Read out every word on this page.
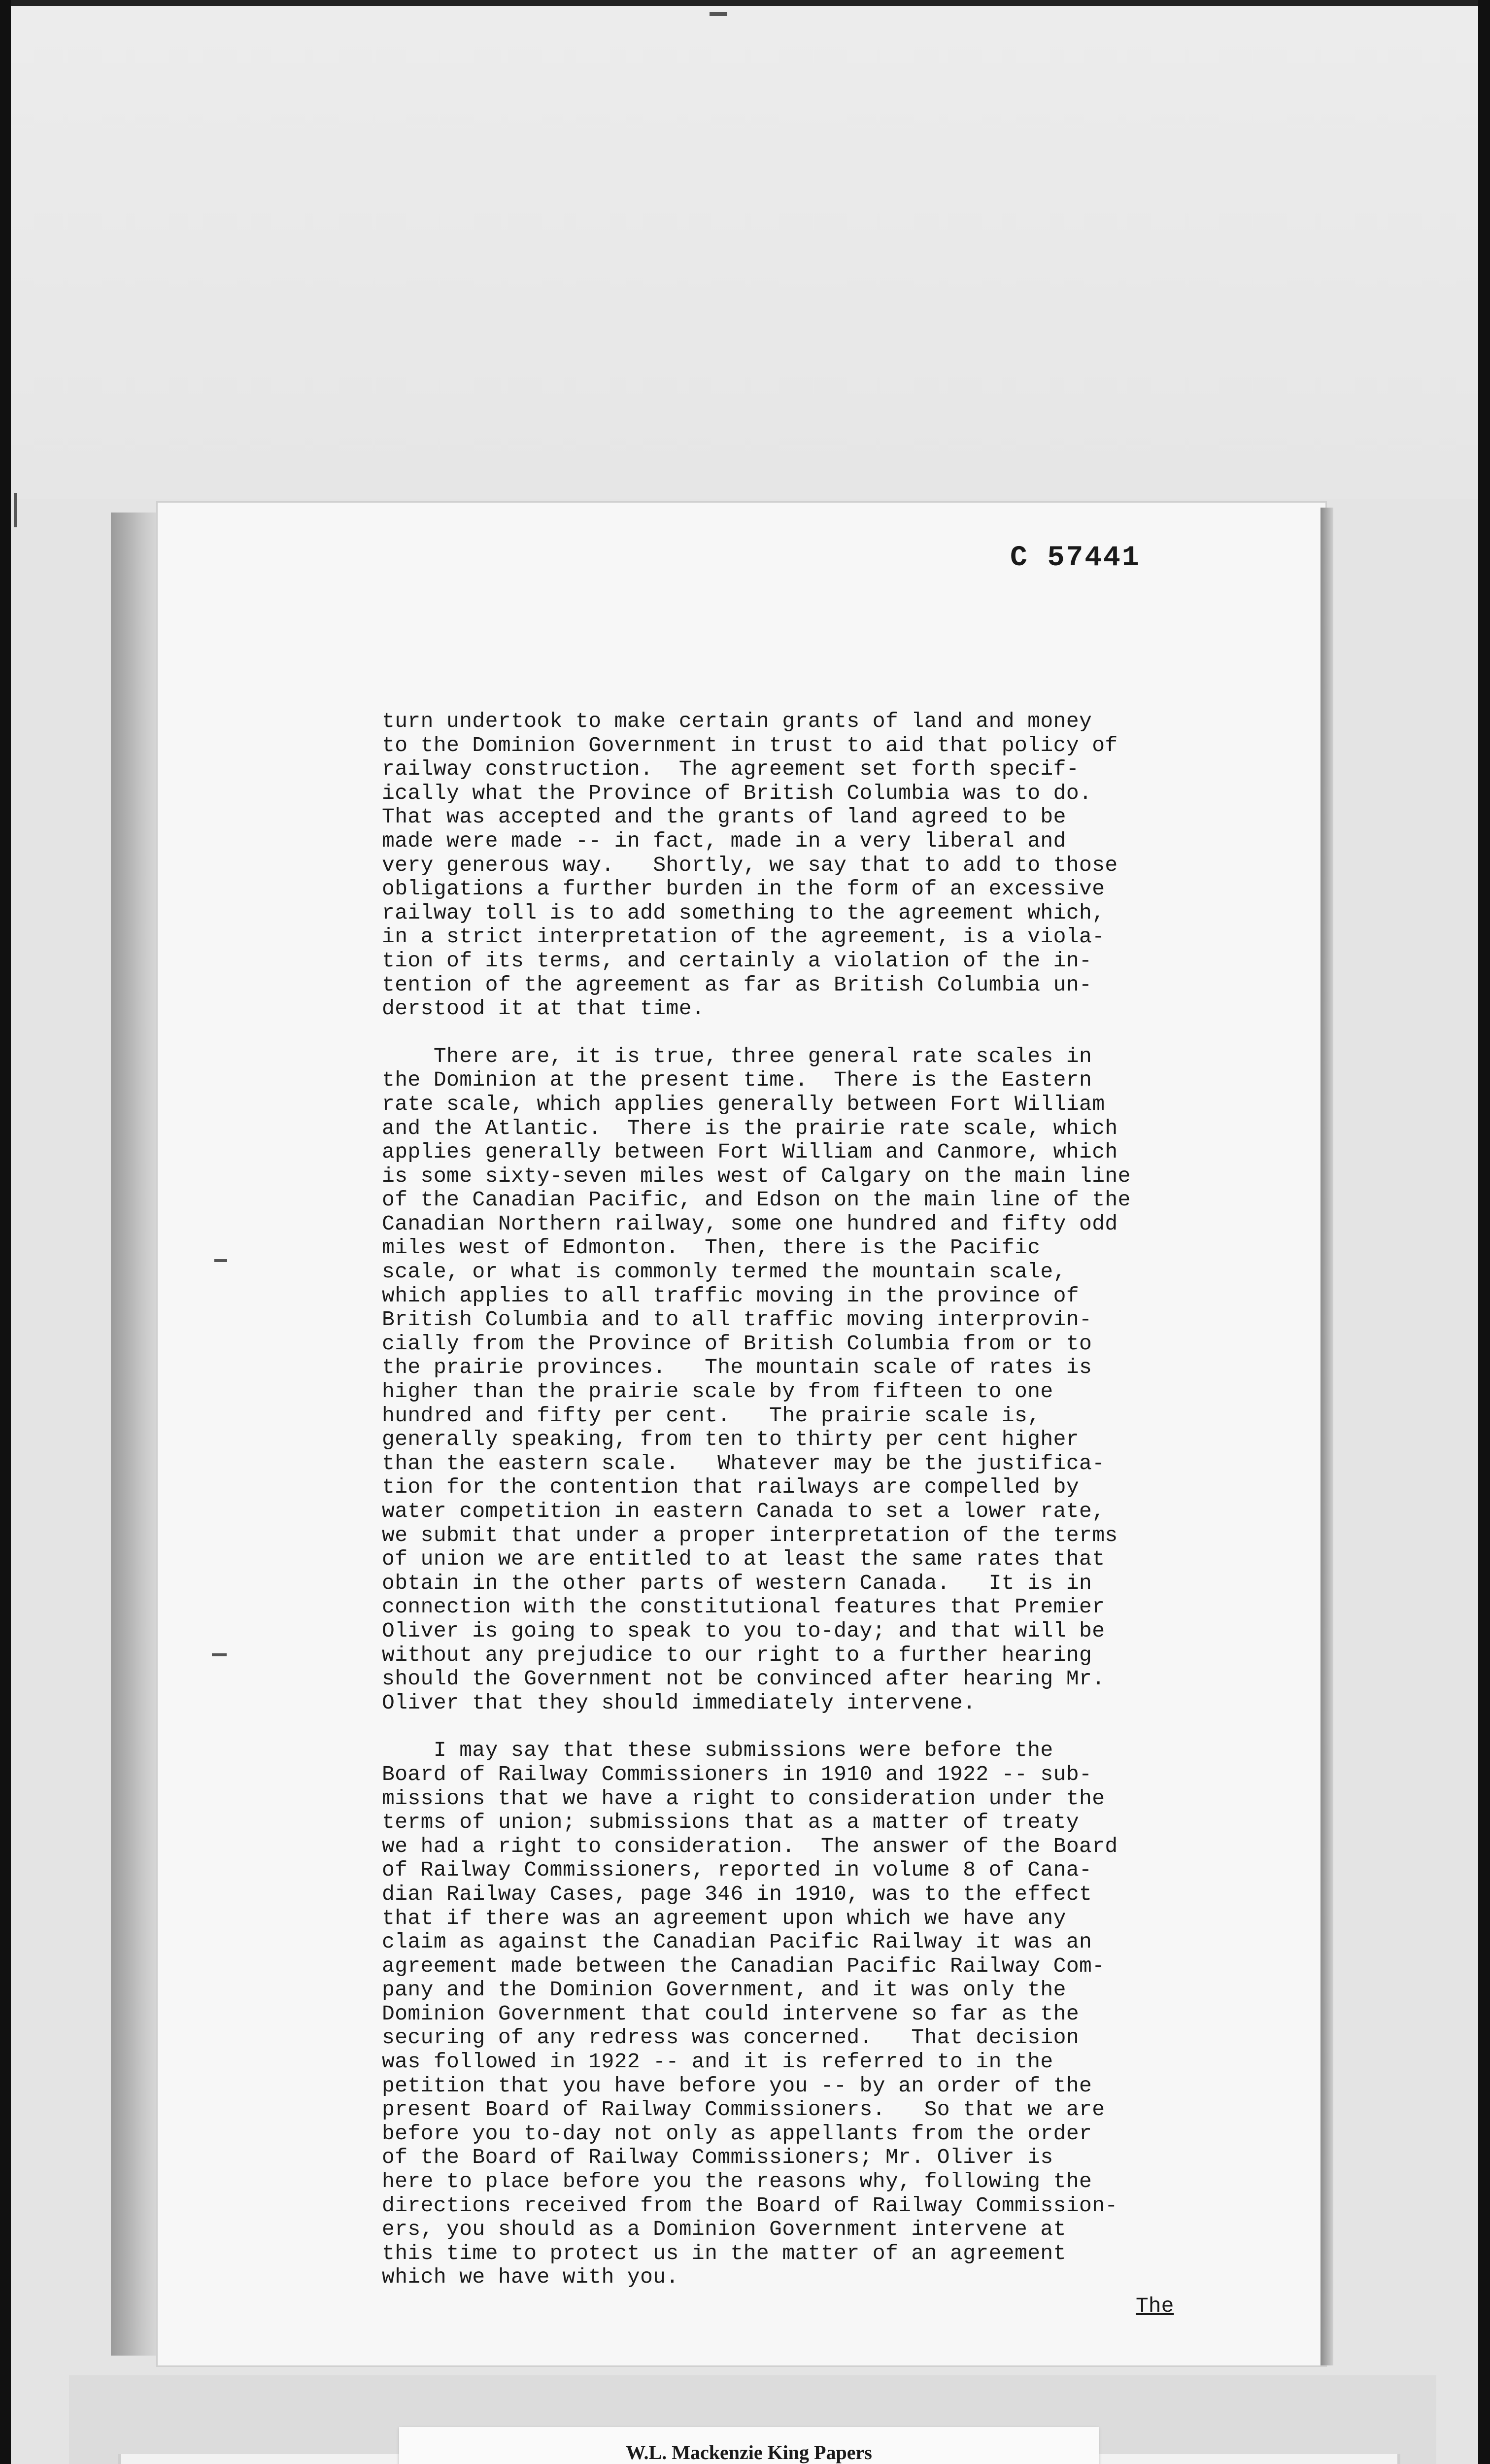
C 57441
turn undertook to make certain grants of land and money
to the Dominion Government in trust to aid that policy of
railway construction.  The agreement set forth specif-
ically what the Province of British Columbia was to do.
That was accepted and the grants of land agreed to be
made were made -- in fact, made in a very liberal and
very generous way.   Shortly, we say that to add to those
obligations a further burden in the form of an excessive
railway toll is to add something to the agreement which,
in a strict interpretation of the agreement, is a viola-
tion of its terms, and certainly a violation of the in-
tention of the agreement as far as British Columbia un-
derstood it at that time.
There are, it is true, three general rate scales in
the Dominion at the present time.  There is the Eastern
rate scale, which applies generally between Fort William
and the Atlantic.  There is the prairie rate scale, which
applies generally between Fort William and Canmore, which
is some sixty-seven miles west of Calgary on the main line
of the Canadian Pacific, and Edson on the main line of the
Canadian Northern railway, some one hundred and fifty odd
miles west of Edmonton.  Then, there is the Pacific
scale, or what is commonly termed the mountain scale,
which applies to all traffic moving in the province of
British Columbia and to all traffic moving interprovin-
cially from the Province of British Columbia from or to
the prairie provinces.   The mountain scale of rates is
higher than the prairie scale by from fifteen to one
hundred and fifty per cent.   The prairie scale is,
generally speaking, from ten to thirty per cent higher
than the eastern scale.   Whatever may be the justifica-
tion for the contention that railways are compelled by
water competition in eastern Canada to set a lower rate,
we submit that under a proper interpretation of the terms
of union we are entitled to at least the same rates that
obtain in the other parts of western Canada.   It is in
connection with the constitutional features that Premier
Oliver is going to speak to you to-day; and that will be
without any prejudice to our right to a further hearing
should the Government not be convinced after hearing Mr.
Oliver that they should immediately intervene.
I may say that these submissions were before the
Board of Railway Commissioners in 1910 and 1922 -- sub-
missions that we have a right to consideration under the
terms of union; submissions that as a matter of treaty
we had a right to consideration.  The answer of the Board
of Railway Commissioners, reported in volume 8 of Cana-
dian Railway Cases, page 346 in 1910, was to the effect
that if there was an agreement upon which we have any
claim as against the Canadian Pacific Railway it was an
agreement made between the Canadian Pacific Railway Com-
pany and the Dominion Government, and it was only the
Dominion Government that could intervene so far as the
securing of any redress was concerned.   That decision
was followed in 1922 -- and it is referred to in the
petition that you have before you -- by an order of the
present Board of Railway Commissioners.   So that we are
before you to-day not only as appellants from the order
of the Board of Railway Commissioners; Mr. Oliver is
here to place before you the reasons why, following the
directions received from the Board of Railway Commission-
ers, you should as a Dominion Government intervene at
this time to protect us in the matter of an agreement
which we have with you.
The
W.L. Mackenzie King Papers
